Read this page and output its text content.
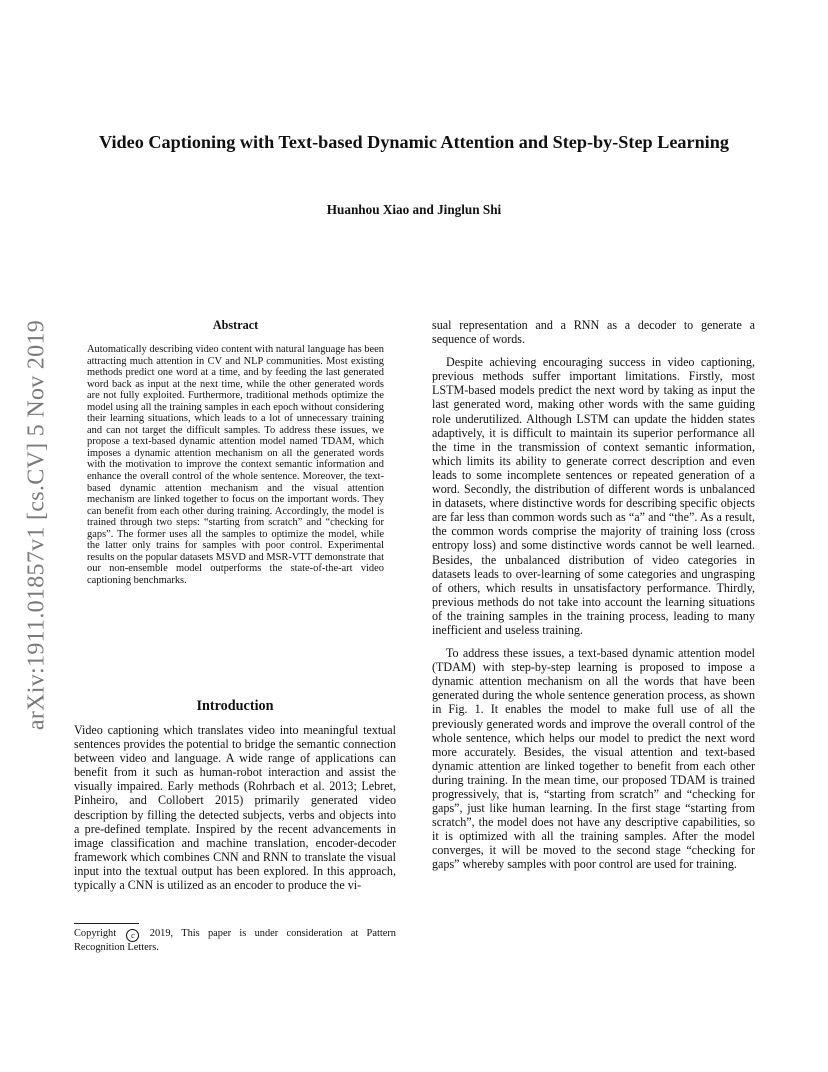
arXiv:1911.01857v1 [cs.CV] 5 Nov 2019
Video Captioning with Text-based Dynamic Attention and Step-by-Step Learning
Huanhou Xiao and Jinglun Shi
Abstract

Automatically describing video content with natural language has been attracting much attention in CV and NLP communities. Most existing methods predict one word at a time, and by feeding the last generated word back as input at the next time, while the other generated words are not fully exploited. Furthermore, traditional methods optimize the model using all the training samples in each epoch without considering their learning situations, which leads to a lot of unnecessary training and can not target the difficult samples. To address these issues, we propose a text-based dynamic attention model named TDAM, which imposes a dynamic attention mechanism on all the generated words with the motivation to improve the context semantic information and enhance the overall control of the whole sentence. Moreover, the text-based dynamic attention mechanism and the visual attention mechanism are linked together to focus on the important words. They can benefit from each other during training. Accordingly, the model is trained through two steps: “starting from scratch” and “checking for gaps”. The former uses all the samples to optimize the model, while the latter only trains for samples with poor control. Experimental results on the popular datasets MSVD and MSR-VTT demonstrate that our non-ensemble model outperforms the state-of-the-art video captioning benchmarks.

Introduction

Video captioning which translates video into meaningful textual sentences provides the potential to bridge the semantic connection between video and language. A wide range of applications can benefit from it such as human-robot interaction and assist the visually impaired. Early methods (Rohrbach et al. 2013; Lebret, Pinheiro, and Collobert 2015) primarily generated video description by filling the detected subjects, verbs and objects into a pre-defined template. Inspired by the recent advancements in image classification and machine translation, encoder-decoder framework which combines CNN and RNN to translate the visual input into the textual output has been explored. In this approach, typically a CNN is utilized as an encoder to produce the vi-

Copyright c 2019, This paper is under consideration at Pattern Recognition Letters.

sual representation and a RNN as a decoder to generate a sequence of words.

Despite achieving encouraging success in video captioning, previous methods suffer important limitations. Firstly, most LSTM-based models predict the next word by taking as input the last generated word, making other words with the same guiding role underutilized. Although LSTM can update the hidden states adaptively, it is difficult to maintain its superior performance all the time in the transmission of context semantic information, which limits its ability to generate correct description and even leads to some incomplete sentences or repeated generation of a word. Secondly, the distribution of different words is unbalanced in datasets, where distinctive words for describing specific objects are far less than common words such as “a” and “the”. As a result, the common words comprise the majority of training loss (cross entropy loss) and some distinctive words cannot be well learned. Besides, the unbalanced distribution of video categories in datasets leads to over-learning of some categories and ungrasping of others, which results in unsatisfactory performance. Thirdly, previous methods do not take into account the learning situations of the training samples in the training process, leading to many inefficient and useless training.

To address these issues, a text-based dynamic attention model (TDAM) with step-by-step learning is proposed to impose a dynamic attention mechanism on all the words that have been generated during the whole sentence generation process, as shown in Fig. 1. It enables the model to make full use of all the previously generated words and improve the overall control of the whole sentence, which helps our model to predict the next word more accurately. Besides, the visual attention and text-based dynamic attention are linked together to benefit from each other during training. In the mean time, our proposed TDAM is trained progressively, that is, “starting from scratch” and “checking for gaps”, just like human learning. In the first stage “starting from scratch”, the model does not have any descriptive capabilities, so it is optimized with all the training samples. After the model converges, it will be moved to the second stage “checking for gaps” whereby samples with poor control are used for training.
